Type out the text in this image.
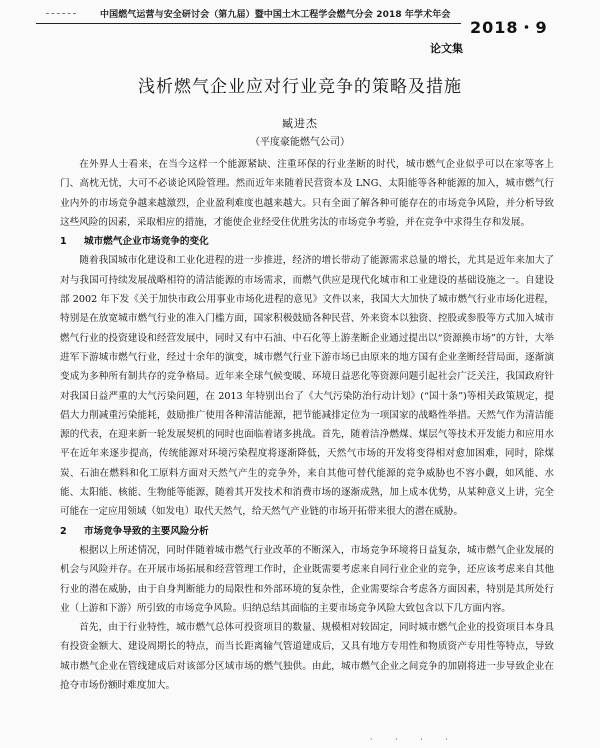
中国燃气运营与安全研讨会（第九届）暨中国土木工程学会燃气分会 2018 年学术年会
2018・9
论文集
浅析燃气企业应对行业竞争的策略及措施
臧进杰
（平度豪能燃气公司）

在外界人士看来，在当今这样一个能源紧缺、注重环保的行业垄断的时代，城市燃气企业似乎可以在家等客上门、高枕无忧，大可不必谈论风险管理。然而近年来随着民营资本及 LNG、太阳能等各种能源的加入，城市燃气行业内外的市场竞争越来越激烈，企业盈利难度也越来越大。只有全面了解各种可能存在的市场竞争风险，并分析导致这些风险的因素，采取相应的措施，才能使企业经受住优胜劣汰的市场竞争考验，并在竞争中求得生存和发展。

1 城市燃气企业市场竞争的变化

随着我国城市化建设和工业化进程的进一步推进，经济的增长带动了能源需求总量的增长，尤其是近年来加大了对与我国可持续发展战略相符的清洁能源的市场需求，而燃气供应是现代化城市和工业建设的基础设施之一。自建设部 2002 年下发《关于加快市政公用事业市场化进程的意见》文件以来，我国大大加快了城市燃气行业市场化进程，特别是在放宽城市燃气行业的准入门槛方面，国家积极鼓励各种民营、外来资本以独资、控股或参股等方式加入城市燃气行业的投资建设和经营发展中，同时又有中石油、中石化等上游垄断企业通过提出以“资源换市场”的方针，大举进军下游城市燃气行业，经过十余年的演变，城市燃气行业下游市场已由原来的地方国有企业垄断经营局面，逐渐演变成为多种所有制共存的竞争格局。近年来全球气候变暖、环境日益恶化等资源问题引起社会广泛关注，我国政府针对我国日益严重的大气污染问题，在 2013 年特别出台了《大气污染防治行动计划》(“国十条”)等相关政策规定，提倡大力削减重污染能耗，鼓励推广使用各种清洁能源，把节能减排定位为一项国家的战略性举措。天然气作为清洁能源的代表，在迎来新一轮发展契机的同时也面临着诸多挑战。首先，随着洁净燃煤、煤层气等技术开发能力和应用水平在近年来逐步提高，传统能源对环境污染程度将逐渐降低，天然气市场的开发将变得相对愈加困难，同时，除煤炭、石油在燃料和化工原料方面对天然气产生的竞争外，来自其他可替代能源的竞争威胁也不容小觑，如风能、水能、太阳能、核能、生物能等能源，随着其开发技术和消费市场的逐渐成熟，加上成本优势，从某种意义上讲，完全可能在一定应用领域（如发电）取代天然气，给天然气产业链的市场开拓带来很大的潜在威胁。

2 市场竞争导致的主要风险分析

根据以上所述情况，同时伴随着城市燃气行业改革的不断深入，市场竞争环境将日益复杂，城市燃气企业发展的机会与风险并存。在开展市场拓展和经营管理工作时，企业既需要考虑来自同行业企业的竞争，还应该考虑来自其他行业的潜在威胁，由于自身判断能力的局限性和外部环境的复杂性，企业需要综合考虑各方面因素，特别是其所处行业（上游和下游）所引致的市场竞争风险。归纳总结其面临的主要市场竞争风险大致包含以下几方面内容。

首先，由于行业特性，城市燃气总体可投资项目的数量、规模相对较固定，同时城市燃气企业的投资项目本身具有投资金额大、建设周期长的特点，而当长距离输气管道建成后，又具有地方专用性和物质资产专用性等特点，导致城市燃气企业在管线建成后对该部分区域市场的燃气独供。由此，城市燃气企业之间竞争的加剧将进一步导致企业在抢夺市场份额时难度加大。

· · · ·
